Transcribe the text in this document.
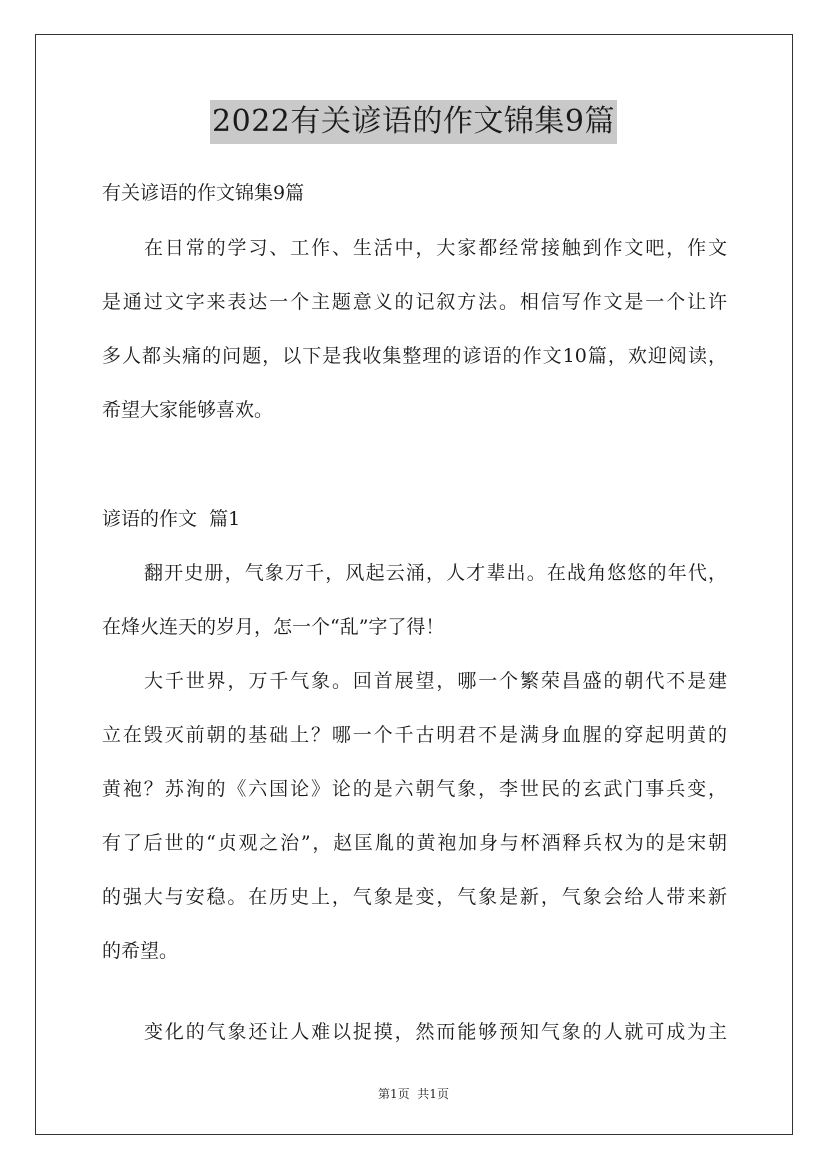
2022有关谚语的作文锦集9篇
有关谚语的作文锦集9篇
在日常的学习、工作、生活中，大家都经常接触到作文吧，作文
是通过文字来表达一个主题意义的记叙方法。相信写作文是一个让许
多人都头痛的问题，以下是我收集整理的谚语的作文10篇，欢迎阅读，
希望大家能够喜欢。
谚语的作文  篇1
翻开史册，气象万千，风起云涌，人才辈出。在战角悠悠的年代，
在烽火连天的岁月，怎一个“乱”字了得！
大千世界，万千气象。回首展望，哪一个繁荣昌盛的朝代不是建
立在毁灭前朝的基础上？哪一个千古明君不是满身血腥的穿起明黄的
黄袍？苏洵的《六国论》论的是六朝气象，李世民的玄武门事兵变，
有了后世的“贞观之治”，赵匡胤的黄袍加身与杯酒释兵权为的是宋朝
的强大与安稳。在历史上，气象是变，气象是新，气象会给人带来新
的希望。
变化的气象还让人难以捉摸，然而能够预知气象的人就可成为主
第1页  共1页
